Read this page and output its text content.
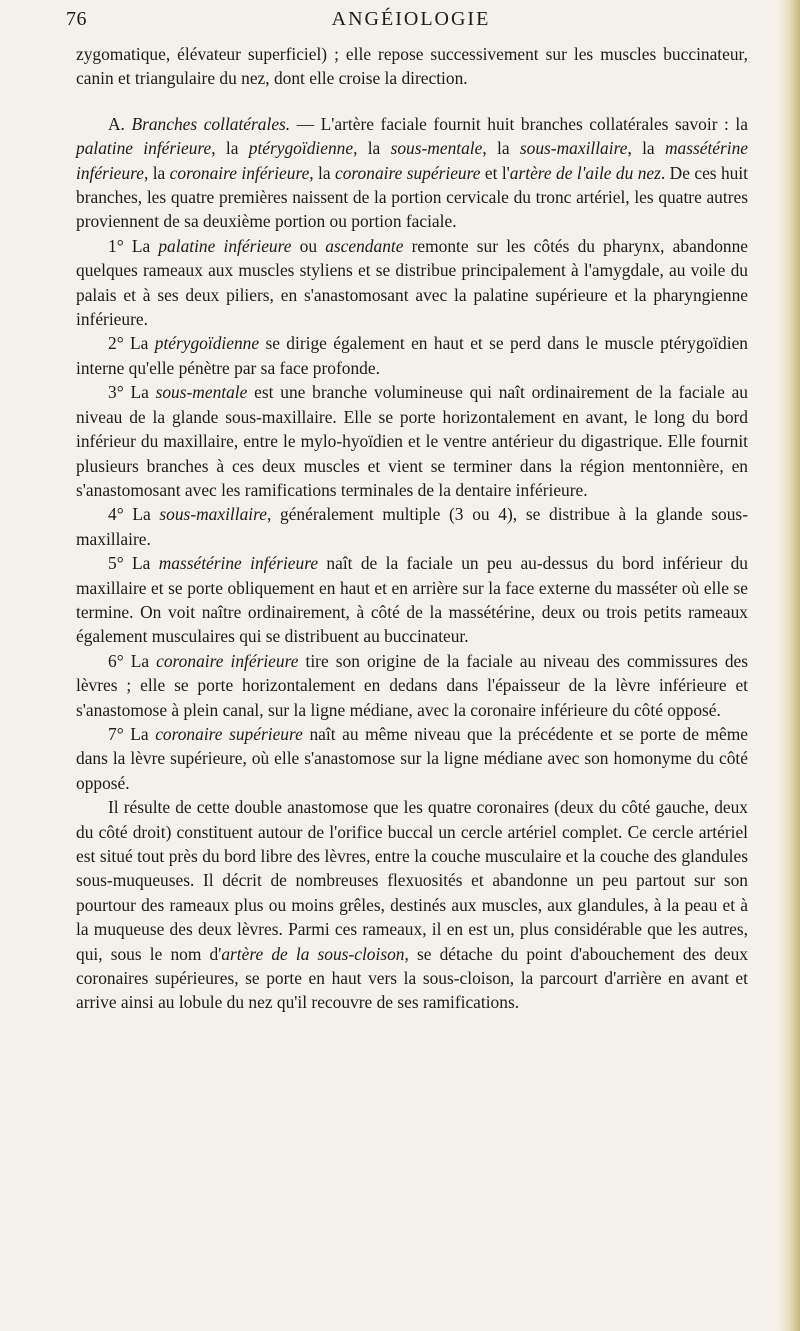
76	ANGÉIOLOGIE

zygomatique, élévateur superficiel) ; elle repose successivement sur les muscles buccinateur, canin et triangulaire du nez, dont elle croise la direction.

A. Branches collatérales. — L'artère faciale fournit huit branches collatérales savoir : la palatine inférieure, la ptérygoïdienne, la sous-mentale, la sous-maxillaire, la massétérine inférieure, la coronaire inférieure, la coronaire supérieure et l'artère de l'aile du nez. De ces huit branches, les quatre premières naissent de la portion cervicale du tronc artériel, les quatre autres proviennent de sa deuxième portion ou portion faciale.

1° La palatine inférieure ou ascendante remonte sur les côtés du pharynx, abandonne quelques rameaux aux muscles styliens et se distribue principalement à l'amygdale, au voile du palais et à ses deux piliers, en s'anastomosant avec la palatine supérieure et la pharyngienne inférieure.

2° La ptérygoïdienne se dirige également en haut et se perd dans le muscle ptérygoïdien interne qu'elle pénètre par sa face profonde.

3° La sous-mentale est une branche volumineuse qui naît ordinairement de la faciale au niveau de la glande sous-maxillaire. Elle se porte horizontalement en avant, le long du bord inférieur du maxillaire, entre le mylo-hyoïdien et le ventre antérieur du digastrique. Elle fournit plusieurs branches à ces deux muscles et vient se terminer dans la région mentonnière, en s'anastomosant avec les ramifications terminales de la dentaire inférieure.

4° La sous-maxillaire, généralement multiple (3 ou 4), se distribue à la glande sous-maxillaire.

5° La massétérine inférieure naît de la faciale un peu au-dessus du bord inférieur du maxillaire et se porte obliquement en haut et en arrière sur la face externe du masséter où elle se termine. On voit naître ordinairement, à côté de la massétérine, deux ou trois petits rameaux également musculaires qui se distribuent au buccinateur.

6° La coronaire inférieure tire son origine de la faciale au niveau des commissures des lèvres ; elle se porte horizontalement en dedans dans l'épaisseur de la lèvre inférieure et s'anastomose à plein canal, sur la ligne médiane, avec la coronaire inférieure du côté opposé.

7° La coronaire supérieure naît au même niveau que la précédente et se porte de même dans la lèvre supérieure, où elle s'anastomose sur la ligne médiane avec son homonyme du côté opposé.

Il résulte de cette double anastomose que les quatre coronaires (deux du côté gauche, deux du côté droit) constituent autour de l'orifice buccal un cercle artériel complet. Ce cercle artériel est situé tout près du bord libre des lèvres, entre la couche musculaire et la couche des glandules sous-muqueuses. Il décrit de nombreuses flexuosités et abandonne un peu partout sur son pourtour des rameaux plus ou moins grêles, destinés aux muscles, aux glandules, à la peau et à la muqueuse des deux lèvres. Parmi ces rameaux, il en est un, plus considérable que les autres, qui, sous le nom d'artère de la sous-cloison, se détache du point d'abouchement des deux coronaires supérieures, se porte en haut vers la sous-cloison, la parcourt d'arrière en avant et arrive ainsi au lobule du nez qu'il recouvre de ses ramifications.
